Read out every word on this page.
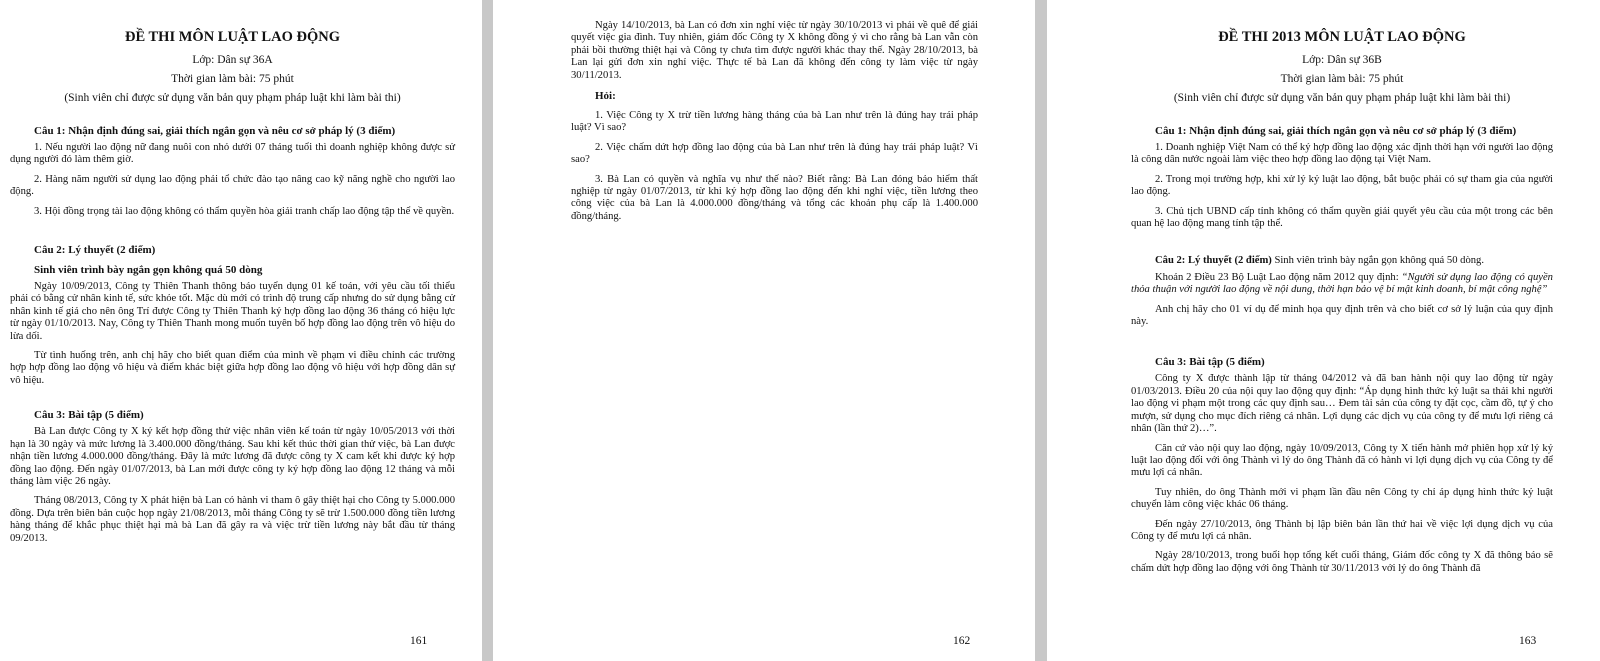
ĐỀ THI MÔN LUẬT LAO ĐỘNG
Lớp: Dân sự 36A
Thời gian làm bài: 75 phút
(Sinh viên chỉ được sử dụng văn bản quy phạm pháp luật khi làm bài thi)

Câu 1: Nhận định đúng sai, giải thích ngắn gọn và nêu cơ sở pháp lý (3 điểm)

1. Nếu người lao động nữ đang nuôi con nhỏ dưới 07 tháng tuổi thì doanh nghiệp không được sử dụng người đó làm thêm giờ.

2. Hàng năm người sử dụng lao động phải tổ chức đào tạo nâng cao kỹ năng nghề cho người lao động.

3. Hội đồng trọng tài lao động không có thẩm quyền hòa giải tranh chấp lao động tập thể về quyền.

Câu 2: Lý thuyết (2 điểm)

Sinh viên trình bày ngắn gọn không quá 50 dòng

Ngày 10/09/2013, Công ty Thiên Thanh thông báo tuyển dụng 01 kế toán, với yêu cầu tối thiểu phải có bằng cử nhân kinh tế, sức khỏe tốt. Mặc dù mới có trình độ trung cấp nhưng do sử dụng bằng cử nhân kinh tế giả cho nên ông Trí được Công ty Thiên Thanh ký hợp đồng lao động 36 tháng có hiệu lực từ ngày 01/10/2013. Nay, Công ty Thiên Thanh mong muốn tuyên bố hợp đồng lao động trên vô hiệu do lừa dối.

Từ tình huống trên, anh chị hãy cho biết quan điểm của mình về phạm vi điều chỉnh các trường hợp hợp đồng lao động vô hiệu và điểm khác biệt giữa hợp đồng lao động vô hiệu với hợp đồng dân sự vô hiệu.

Câu 3: Bài tập (5 điểm)

Bà Lan được Công ty X ký kết hợp đồng thử việc nhân viên kế toán từ ngày 10/05/2013 với thời hạn là 30 ngày và mức lương là 3.400.000 đồng/tháng. Sau khi kết thúc thời gian thử việc, bà Lan được nhận tiền lương 4.000.000 đồng/tháng. Đây là mức lương đã được công ty X cam kết khi được ký hợp đồng lao động. Đến ngày 01/07/2013, bà Lan mới được công ty ký hợp đồng lao động 12 tháng và mỗi tháng làm việc 26 ngày.

Tháng 08/2013, Công ty X phát hiện bà Lan có hành vi tham ô gây thiệt hại cho Công ty 5.000.000 đồng. Dựa trên biên bản cuộc họp ngày 21/08/2013, mỗi tháng Công ty sẽ trừ 1.500.000 đồng tiền lương hàng tháng để khắc phục thiệt hại mà bà Lan đã gây ra và việc trừ tiền lương này bắt đầu từ tháng 09/2013.

161

Ngày 14/10/2013, bà Lan có đơn xin nghỉ việc từ ngày 30/10/2013 vì phải về quê để giải quyết việc gia đình. Tuy nhiên, giám đốc Công ty X không đồng ý vì cho rằng bà Lan vẫn còn phải bồi thường thiệt hại và Công ty chưa tìm được người khác thay thế. Ngày 28/10/2013, bà Lan lại gửi đơn xin nghỉ việc. Thực tế bà Lan đã không đến công ty làm việc từ ngày 30/11/2013.

Hỏi:

1. Việc Công ty X trừ tiền lương hàng tháng của bà Lan như trên là đúng hay trái pháp luật? Vì sao?

2. Việc chấm dứt hợp đồng lao động của bà Lan như trên là đúng hay trái pháp luật? Vì sao?

3. Bà Lan có quyền và nghĩa vụ như thế nào? Biết rằng: Bà Lan đóng bảo hiểm thất nghiệp từ ngày 01/07/2013, từ khi ký hợp đồng lao động đến khi nghỉ việc, tiền lương theo công việc của bà Lan là 4.000.000 đồng/tháng và tổng các khoản phụ cấp là 1.400.000 đồng/tháng.

162
ĐỀ THI 2013 MÔN LUẬT LAO ĐỘNG
Lớp: Dân sự 36B
Thời gian làm bài: 75 phút
(Sinh viên chỉ được sử dụng văn bản quy phạm pháp luật khi làm bài thi)

Câu 1: Nhận định đúng sai, giải thích ngắn gọn và nêu cơ sở pháp lý (3 điểm)

1. Doanh nghiệp Việt Nam có thể ký hợp đồng lao động xác định thời hạn với người lao động là công dân nước ngoài làm việc theo hợp đồng lao động tại Việt Nam.

2. Trong mọi trường hợp, khi xử lý kỷ luật lao động, bắt buộc phải có sự tham gia của người lao động.

3. Chủ tịch UBND cấp tỉnh không có thẩm quyền giải quyết yêu cầu của một trong các bên quan hệ lao động mang tính tập thể.

Câu 2: Lý thuyết (2 điểm) Sinh viên trình bày ngắn gọn không quá 50 dòng.

Khoản 2 Điều 23 Bộ Luật Lao động năm 2012 quy định: “Người sử dụng lao động có quyền thỏa thuận với người lao động về nội dung, thời hạn bảo vệ bí mật kinh doanh, bí mật công nghệ”

Anh chị hãy cho 01 ví dụ để minh họa quy định trên và cho biết cơ sở lý luận của quy định này.

Câu 3: Bài tập (5 điểm)

Công ty X được thành lập từ tháng 04/2012 và đã ban hành nội quy lao động từ ngày 01/03/2013. Điều 20 của nội quy lao động quy định: “Áp dụng hình thức kỷ luật sa thải khi người lao động vi phạm một trong các quy định sau… Đem tài sản của công ty đặt cọc, cầm đồ, tự ý cho mượn, sử dụng cho mục đích riêng cá nhân. Lợi dụng các dịch vụ của công ty để mưu lợi riêng cá nhân (lần thứ 2)…”.

Căn cứ vào nội quy lao động, ngày 10/09/2013, Công ty X tiến hành mở phiên họp xử lý kỷ luật lao động đối với ông Thành vì lý do ông Thành đã có hành vi lợi dụng dịch vụ của Công ty để mưu lợi cá nhân.

Tuy nhiên, do ông Thành mới vi phạm lần đầu nên Công ty chỉ áp dụng hình thức kỷ luật chuyển làm công việc khác 06 tháng.

Đến ngày 27/10/2013, ông Thành bị lập biên bản lần thứ hai về việc lợi dụng dịch vụ của Công ty để mưu lợi cá nhân.

Ngày 28/10/2013, trong buổi họp tổng kết cuối tháng, Giám đốc công ty X đã thông báo sẽ chấm dứt hợp đồng lao động với ông Thành từ 30/11/2013 với lý do ông Thành đã

163
